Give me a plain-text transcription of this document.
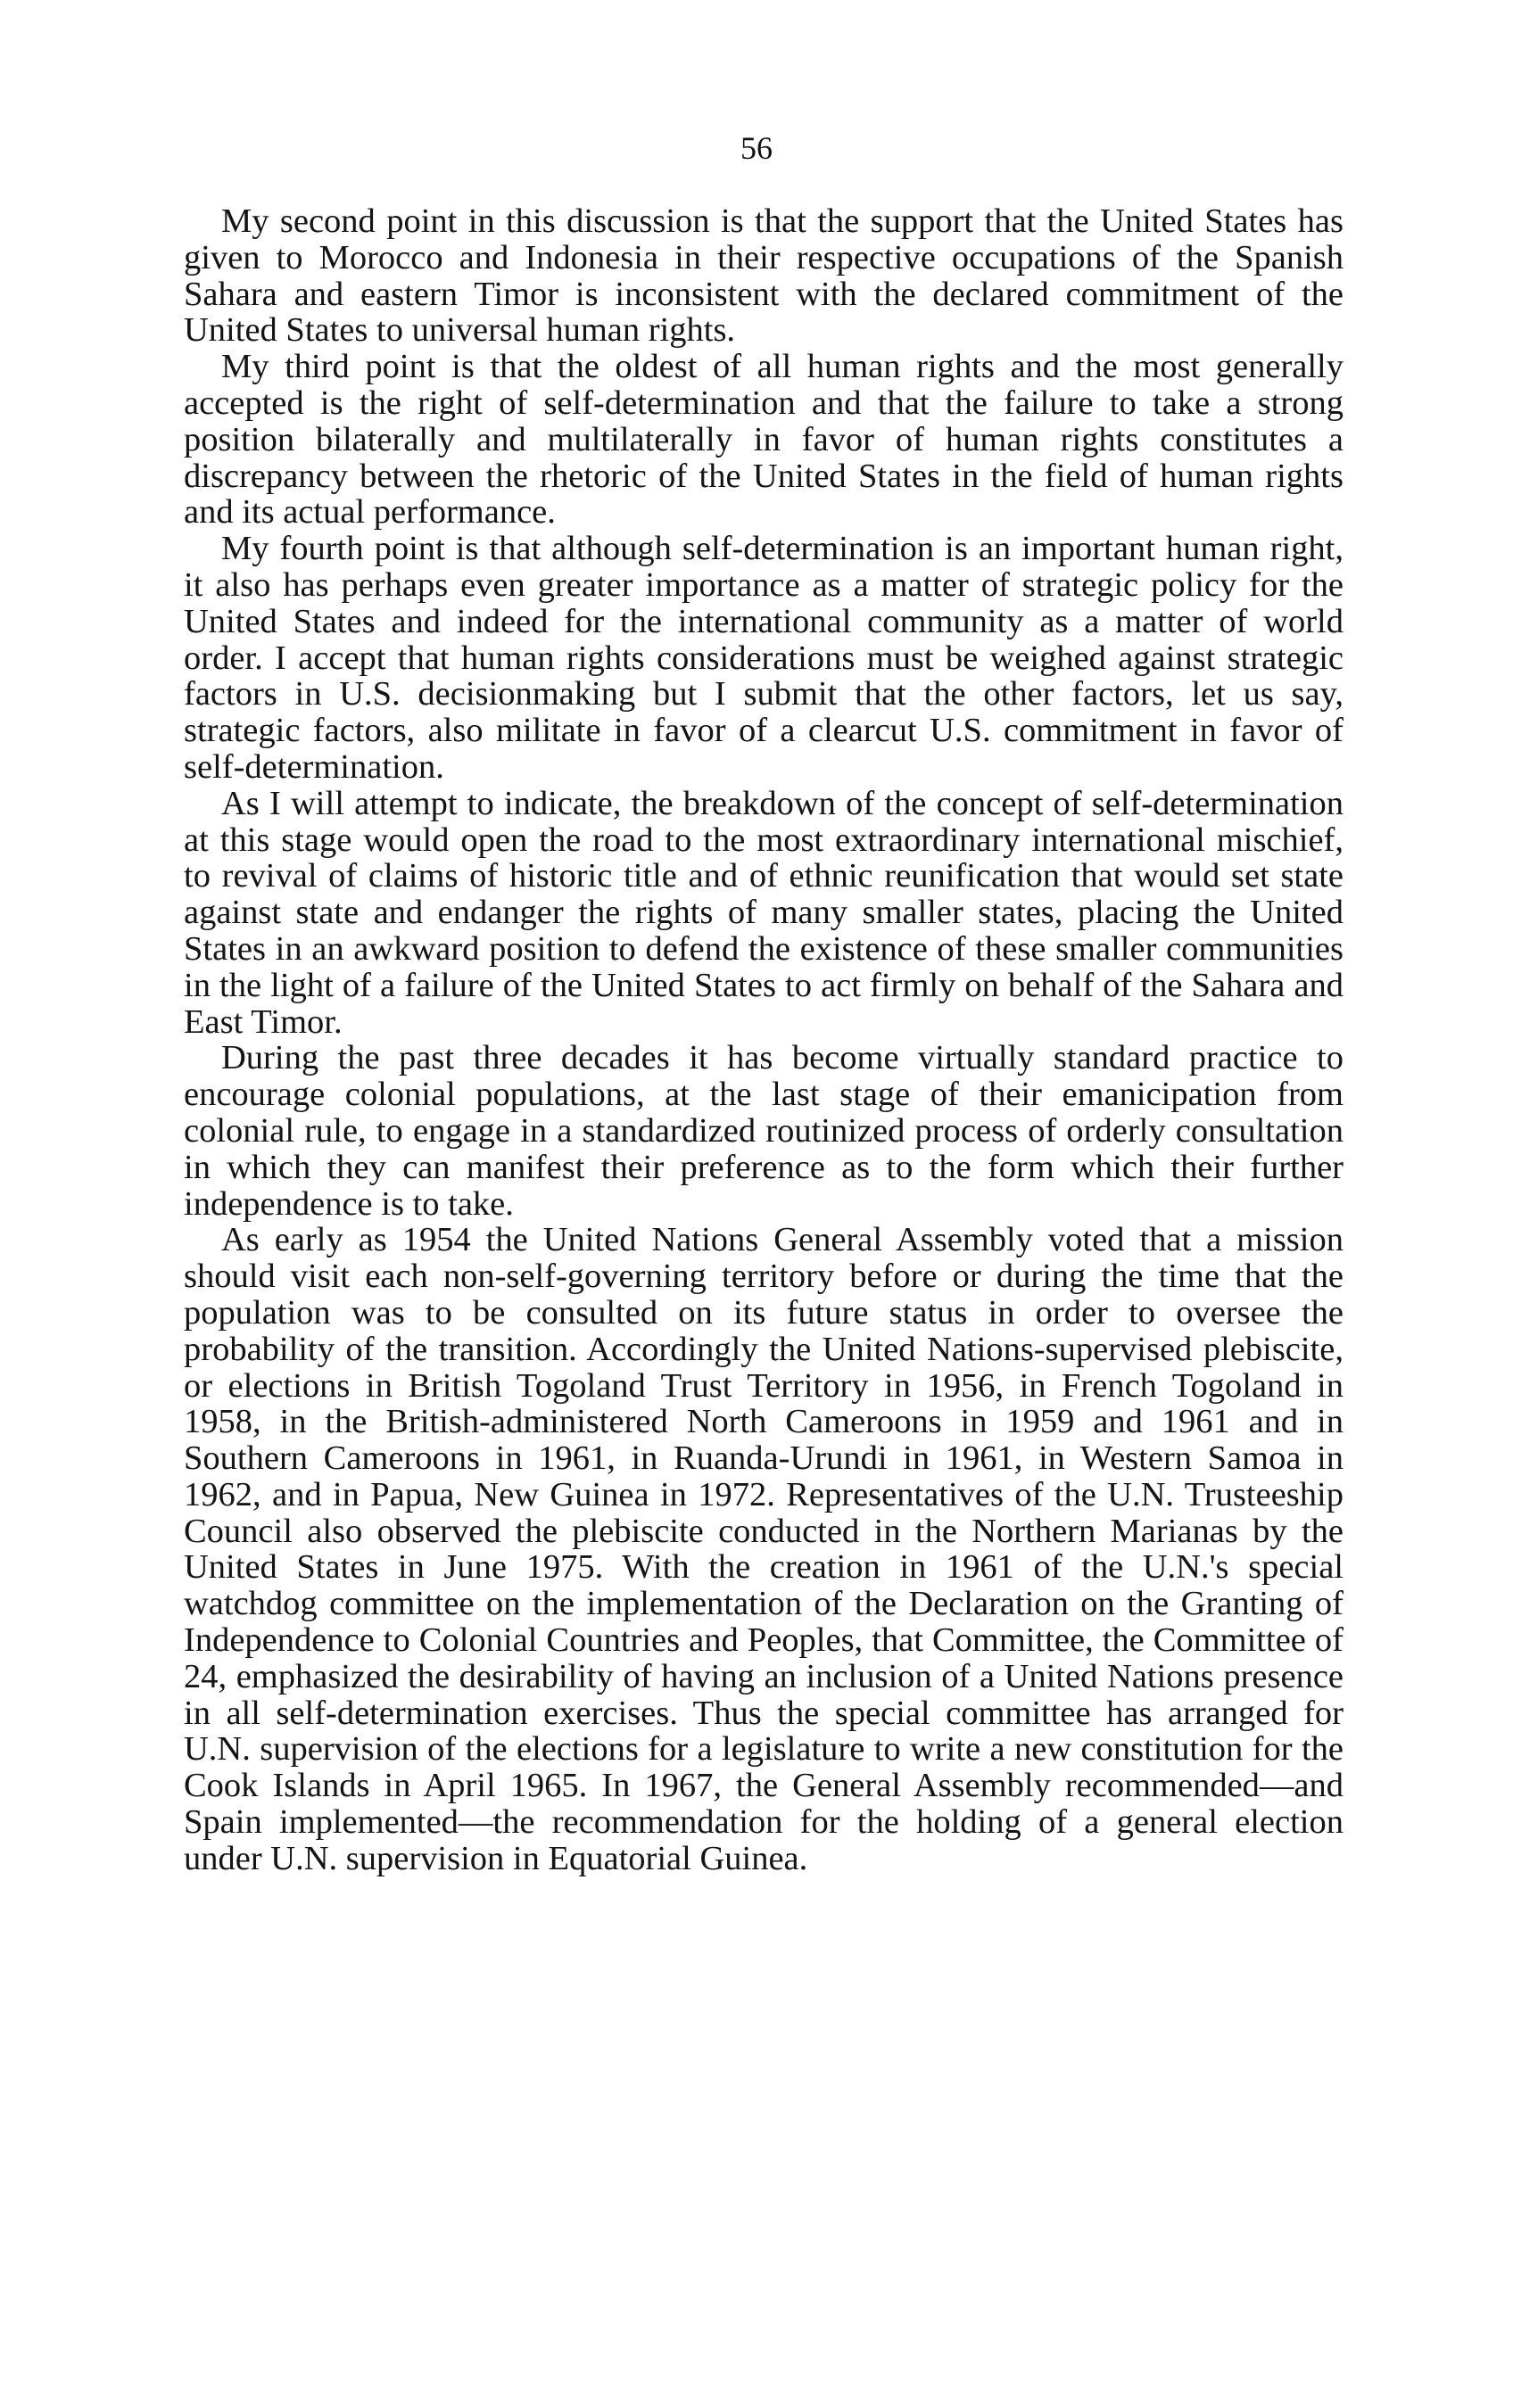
56

My second point in this discussion is that the support that the United States has given to Morocco and Indonesia in their respective occupations of the Spanish Sahara and eastern Timor is inconsistent with the declared commitment of the United States to universal human rights.

My third point is that the oldest of all human rights and the most generally accepted is the right of self-determination and that the failure to take a strong position bilaterally and multilaterally in favor of human rights constitutes a discrepancy between the rhetoric of the United States in the field of human rights and its actual performance.

My fourth point is that although self-determination is an important human right, it also has perhaps even greater importance as a matter of strategic policy for the United States and indeed for the international community as a matter of world order. I accept that human rights considerations must be weighed against strategic factors in U.S. decisionmaking but I submit that the other factors, let us say, strategic factors, also militate in favor of a clearcut U.S. commitment in favor of self-determination.

As I will attempt to indicate, the breakdown of the concept of self-determination at this stage would open the road to the most extraordinary international mischief, to revival of claims of historic title and of ethnic reunification that would set state against state and endanger the rights of many smaller states, placing the United States in an awkward position to defend the existence of these smaller communities in the light of a failure of the United States to act firmly on behalf of the Sahara and East Timor.

During the past three decades it has become virtually standard practice to encourage colonial populations, at the last stage of their emanicipation from colonial rule, to engage in a standardized routinized process of orderly consultation in which they can manifest their preference as to the form which their further independence is to take.

As early as 1954 the United Nations General Assembly voted that a mission should visit each non-self-governing territory before or during the time that the population was to be consulted on its future status in order to oversee the probability of the transition. Accordingly the United Nations-supervised plebiscite, or elections in British Togoland Trust Territory in 1956, in French Togoland in 1958, in the British-administered North Cameroons in 1959 and 1961 and in Southern Cameroons in 1961, in Ruanda-Urundi in 1961, in Western Samoa in 1962, and in Papua, New Guinea in 1972. Representatives of the U.N. Trusteeship Council also observed the plebiscite conducted in the Northern Marianas by the United States in June 1975. With the creation in 1961 of the U.N.'s special watchdog committee on the implementation of the Declaration on the Granting of Independence to Colonial Countries and Peoples, that Committee, the Committee of 24, emphasized the desirability of having an inclusion of a United Nations presence in all self-determination exercises. Thus the special committee has arranged for U.N. supervision of the elections for a legislature to write a new constitution for the Cook Islands in April 1965. In 1967, the General Assembly recommended—and Spain implemented—the recommendation for the holding of a general election under U.N. supervision in Equatorial Guinea.
